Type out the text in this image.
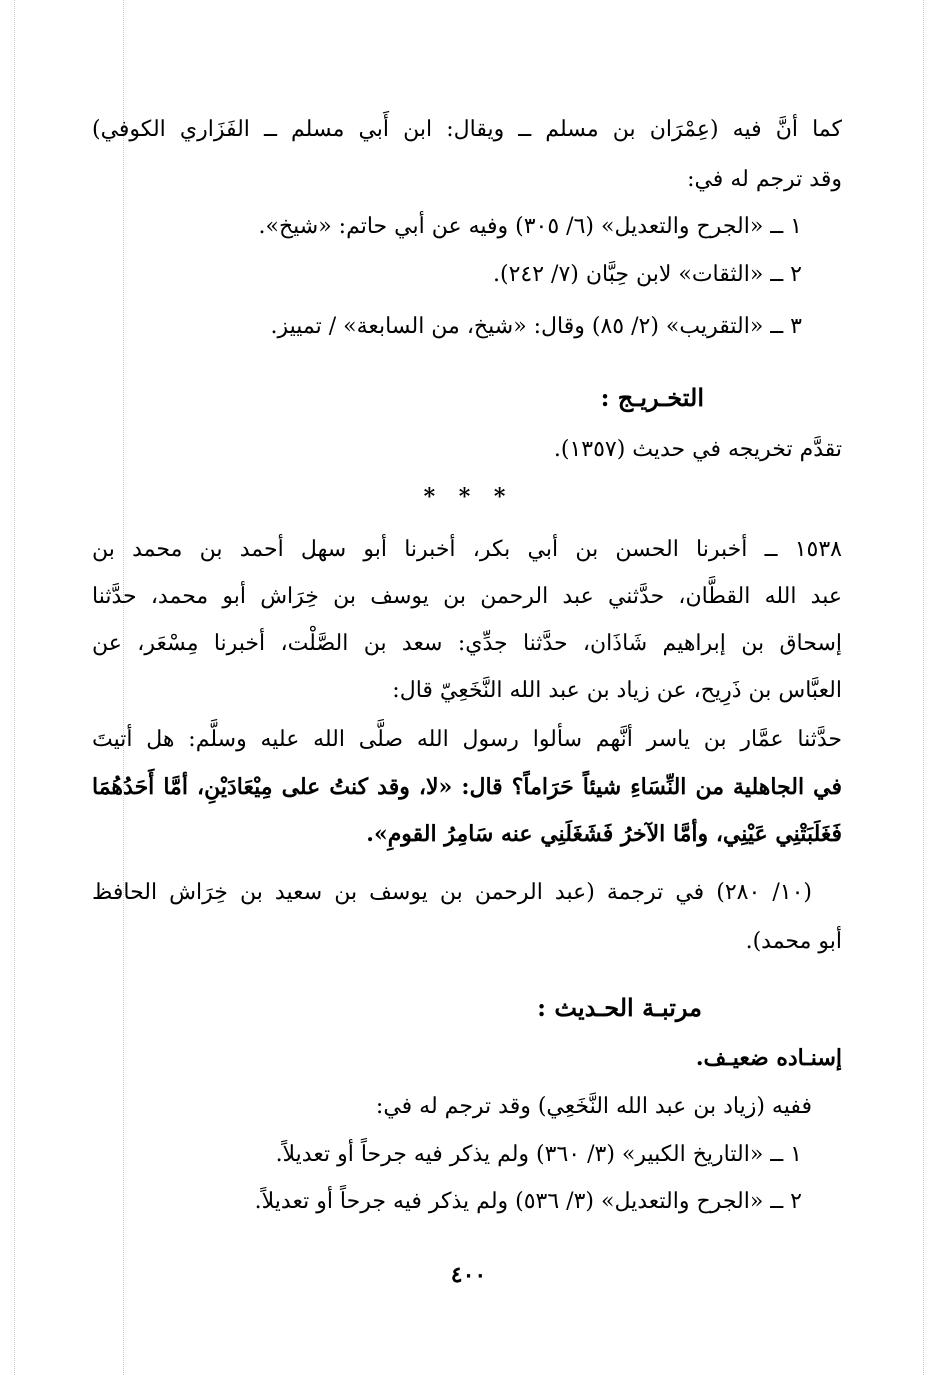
كما أنَّ فيه (عِمْرَان بن مسلم ــ ويقال: ابن أَبي مسلم ــ الفَزَاري الكوفي)
وقد ترجم له في:
١ ــ «الجرح والتعديل» (٦/ ٣٠٥) وفيه عن أبي حاتم: «شيخ».
٢ ــ «الثقات» لابن حِبَّان (٧/ ٢٤٢).
٣ ــ «التقريب» (٢/ ٨٥) وقال: «شيخ، من السابعة» / تمييز.
التخـريـج :
تقدَّم تخريجه في حديث (١٣٥٧).
* * *
١٥٣٨ ــ أخبرنا الحسن بن أبي بكر، أخبرنا أبو سهل أحمد بن محمد بن
عبد الله القطَّان، حدَّثني عبد الرحمن بن يوسف بن خِرَاش أبو محمد، حدَّثنا
إسحاق بن إبراهيم شَاذَان، حدَّثنا جدِّي: سعد بن الصَّلْت، أخبرنا مِسْعَر، عن
العبَّاس بن ذَرِيح، عن زياد بن عبد الله النَّخَعِيّ قال:
حدَّثنا عمَّار بن ياسر أنَّهم سألوا رسول الله صلَّى الله عليه وسلَّم: هل أتيتَ
في الجاهلية من النِّسَاءِ شيئاً حَرَاماً؟ قال: «لا، وقد كنتُ على مِيْعَادَيْنِ، أمَّا أَحَدُهُمَا
فَغَلَبَتْنِي عَيْنِي، وأمَّا الآخرُ فَشَغَلَنِي عنه سَامِرُ القومِ».
(١٠/ ٢٨٠) في ترجمة (عبد الرحمن بن يوسف بن سعيد بن خِرَاش الحافظ
أبو محمد).
مرتبـة الحـديث :
إسنـاده ضعيـف.
ففيه (زياد بن عبد الله النَّخَعِي) وقد ترجم له في:
١ ــ «التاريخ الكبير» (٣/ ٣٦٠) ولم يذكر فيه جرحاً أو تعديلاً.
٢ ــ «الجرح والتعديل» (٣/ ٥٣٦) ولم يذكر فيه جرحاً أو تعديلاً.
٤٠٠
